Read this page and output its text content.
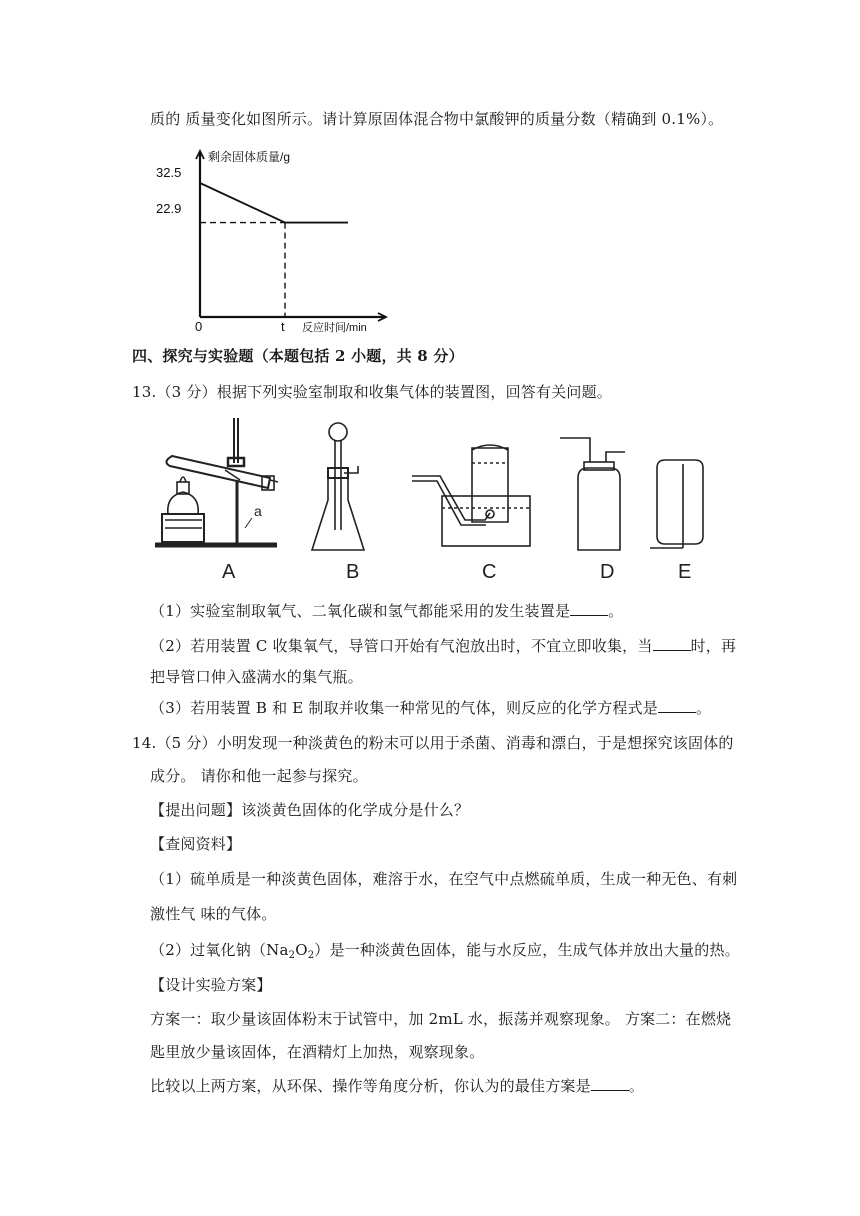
质的 质量变化如图所示。请计算原固体混合物中氯酸钾的质量分数（精确到 0.1%）。
32.5
22.9
剩余固体质量/g
0	t 反应时间/min
四、探究与实验题（本题包括 2 小题，共 8 分）
13.（3 分）根据下列实验室制取和收集气体的装置图，回答有关问题。
A	B	C	D	E
a
（1）实验室制取氧气、二氧化碳和氢气都能采用的发生装置是	。
（2）若用装置 C 收集氧气，导管口开始有气泡放出时，不宜立即收集，当	时，再
把导管口伸入盛满水的集气瓶。
（3）若用装置 B 和 E 制取并收集一种常见的气体，则反应的化学方程式是	。
14.（5 分）小明发现一种淡黄色的粉末可以用于杀菌、消毒和漂白，于是想探究该固体的
成分。 请你和他一起参与探究。
【提出问题】该淡黄色固体的化学成分是什么？
【查阅资料】
（1）硫单质是一种淡黄色固体，难溶于水，在空气中点燃硫单质，生成一种无色、有刺
激性气 味的气体。
（2）过氧化钠$(Na_2O_2)$是一种淡黄色固体，能与水反应，生成气体并放出大量的热。
【设计实验方案】
方案一：取少量该固体粉末于试管中，加 2mL 水，振荡并观察现象。 方案二：在燃烧
匙里放少量该固体，在酒精灯上加热，观察现象。
比较以上两方案，从环保、操作等角度分析，你认为的最佳方案是	。
